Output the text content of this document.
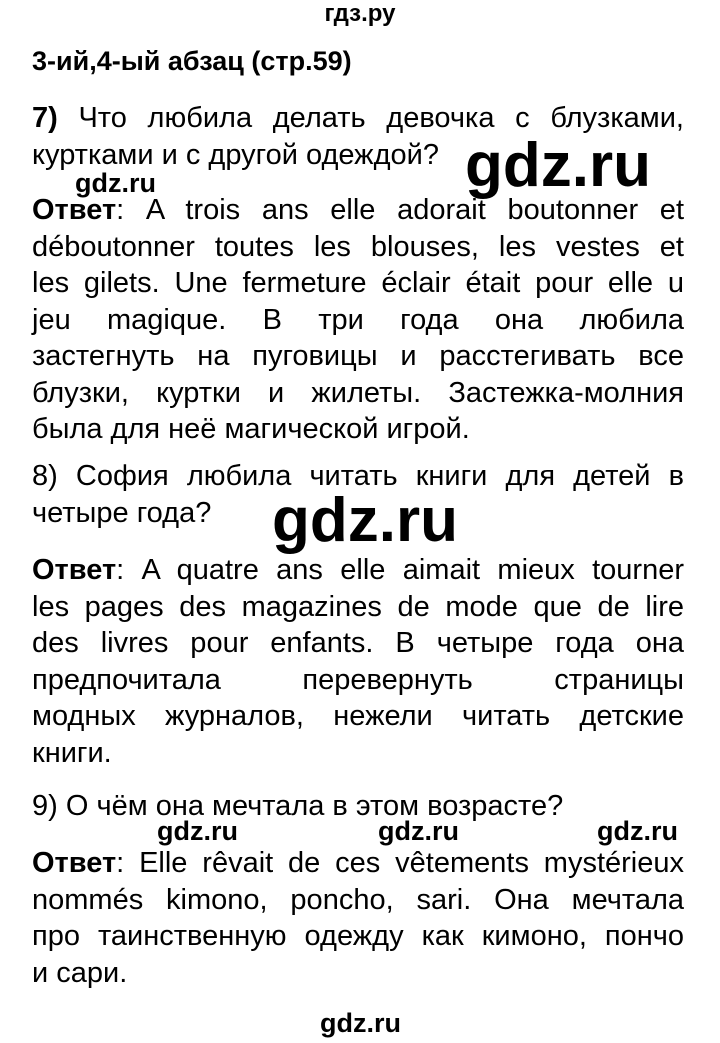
гдз.ру
3-ий,4-ый абзац (стр.59)
7) Что любила делать девочка с блузками,
куртками и с другой одеждой?
Ответ: A trois ans elle adorait boutonner et
déboutonner toutes les blouses, les vestes et
les gilets. Une fermeture éclair était pour elle u
jeu magique. В три года она любила
застегнуть на пуговицы и расстегивать все
блузки, куртки и жилеты. Застежка-молния
была для неё магической игрой.
8) София любила читать книги для детей в
четыре года?
Ответ: A quatre ans elle aimait mieux tourner
les pages des magazines de mode que de lire
des livres pour enfants. В четыре года она
предпочитала перевернуть страницы
модных журналов, нежели читать детские
книги.
9) О чём она мечтала в этом возрасте?
Ответ: Elle rêvait de ces vêtements mystérieux
nommés kimono, poncho, sari. Она мечтала
про таинственную одежду как кимоно, пончо
и сари.
gdz.ru
gdz.ru
gdz.ru
gdz.ru	gdz.ru	gdz.ru
gdz.ru
